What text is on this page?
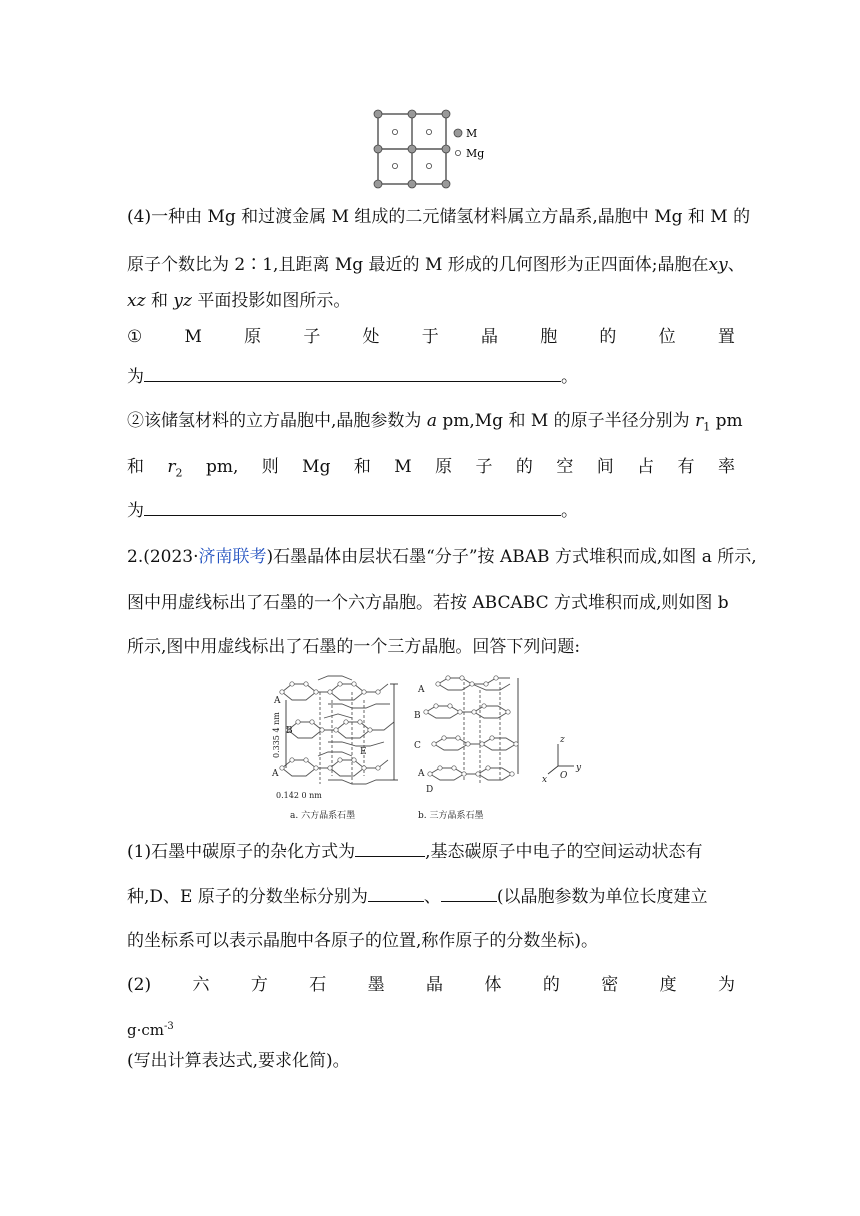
M
Mg
(4)一种由 Mg 和过渡金属 M 组成的二元储氢材料属立方晶系,晶胞中 Mg 和 M 的
原子个数比为 2∶1,且距离 Mg 最近的 M 形成的几何图形为正四面体;晶胞在xy、
xz 和 yz 平面投影如图所示。
① M 原 子 处 于 晶 胞 的 位 置
为	。
②该储氢材料的立方晶胞中,晶胞参数为 a pm,Mg 和 M 的原子半径分别为 $r_1$ pm
和 $r_2$ pm, 则 Mg 和 M 原 子 的 空 间 占 有 率
为	。
2.(2023·济南联考)石墨晶体由层状石墨“分子”按 ABAB 方式堆积而成,如图 a 所示,
图中用虚线标出了石墨的一个六方晶胞。若按 ABCABC 方式堆积而成,则如图 b
所示,图中用虚线标出了石墨的一个三方晶胞。回答下列问题:
A
B
A
E
0.335 4 nm
0.142 0 nm
a. 六方晶系石墨
A
B
C
A
D
b. 三方晶系石墨
z
y
x O
(1)石墨中碳原子的杂化方式为	,基态碳原子中电子的空间运动状态有
种,D、E 原子的分数坐标分别为	、	(以晶胞参数为单位长度建立
的坐标系可以表示晶胞中各原子的位置,称作原子的分数坐标)。
(2) 六 方 石 墨 晶 体 的 密 度 为
$g\cdot cm^{-3}$
(写出计算表达式,要求化简)。
